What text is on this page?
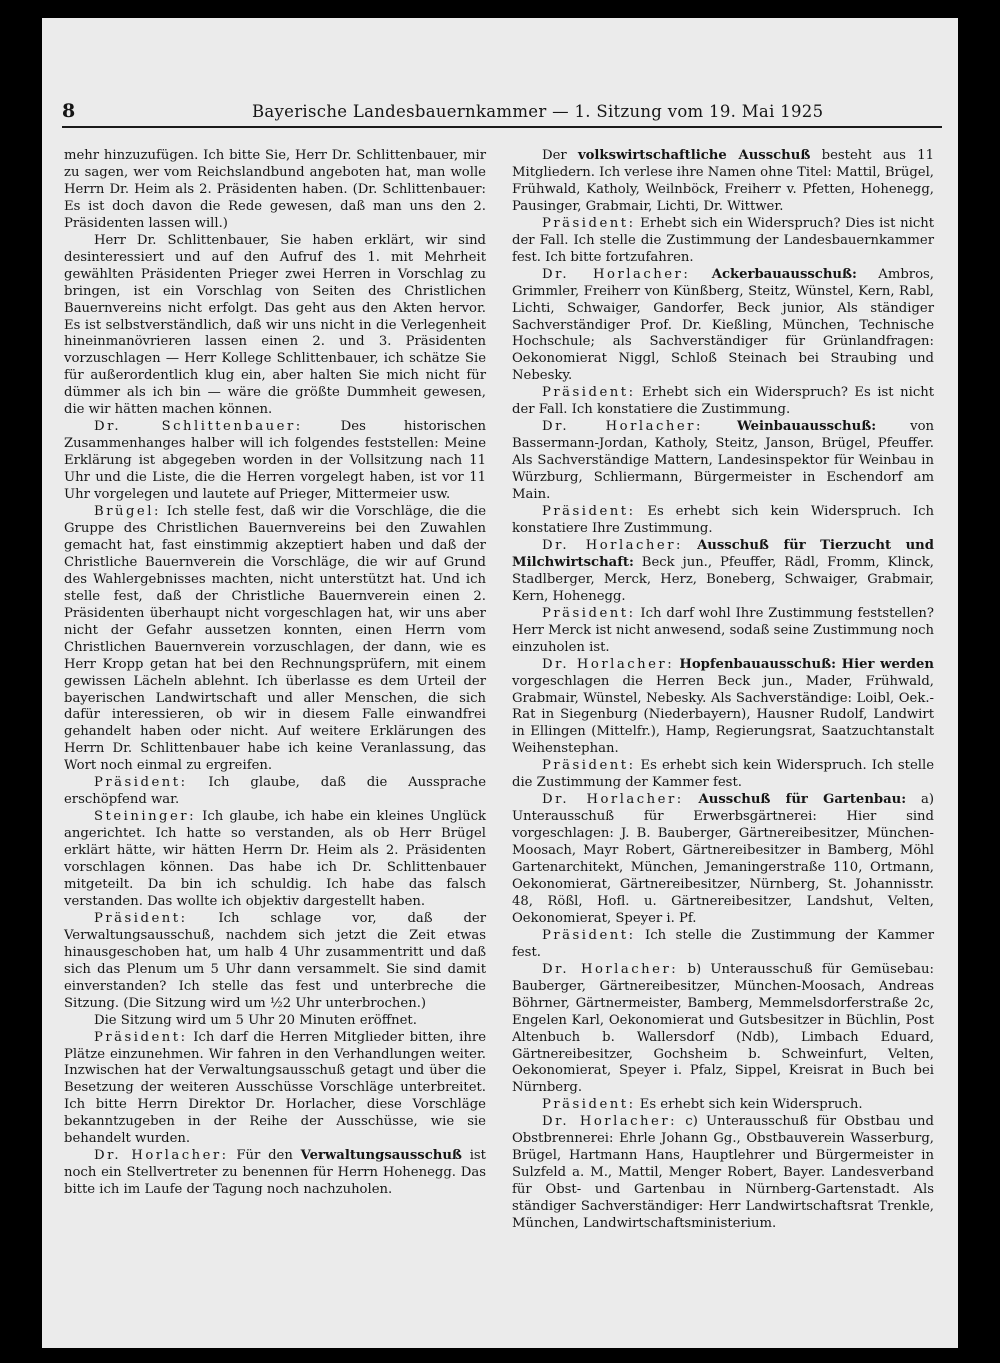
8	Bayerische Landesbauernkammer — 1. Sitzung vom 19. Mai 1925

mehr hinzuzufügen. Ich bitte Sie, Herr Dr. Schlittenbauer, mir zu sagen, wer vom Reichslandbund angeboten hat, man wolle Herrn Dr. Heim als 2. Präsidenten haben. (Dr. Schlittenbauer: Es ist doch davon die Rede gewesen, daß man uns den 2. Präsidenten lassen will.)

Herr Dr. Schlittenbauer, Sie haben erklärt, wir sind desinteressiert und auf den Aufruf des 1. mit Mehrheit gewählten Präsidenten Prieger zwei Herren in Vorschlag zu bringen, ist ein Vorschlag von Seiten des Christlichen Bauernvereins nicht erfolgt. Das geht aus den Akten hervor. Es ist selbstverständlich, daß wir uns nicht in die Verlegenheit hineinmanövrieren lassen einen 2. und 3. Präsidenten vorzuschlagen — Herr Kollege Schlittenbauer, ich schätze Sie für außerordentlich klug ein, aber halten Sie mich nicht für dümmer als ich bin — wäre die größte Dummheit gewesen, die wir hätten machen können.

Dr. Schlittenbauer: Des historischen Zusammenhanges halber will ich folgendes feststellen: Meine Erklärung ist abgegeben worden in der Vollsitzung nach 11 Uhr und die Liste, die die Herren vorgelegt haben, ist vor 11 Uhr vorgelegen und lautete auf Prieger, Mittermeier usw.

Brügel: Ich stelle fest, daß wir die Vorschläge, die die Gruppe des Christlichen Bauernvereins bei den Zuwahlen gemacht hat, fast einstimmig akzeptiert haben und daß der Christliche Bauernverein die Vorschläge, die wir auf Grund des Wahlergebnisses machten, nicht unterstützt hat. Und ich stelle fest, daß der Christliche Bauernverein einen 2. Präsidenten überhaupt nicht vorgeschlagen hat, wir uns aber nicht der Gefahr aussetzen konnten, einen Herrn vom Christlichen Bauernverein vorzuschlagen, der dann, wie es Herr Kropp getan hat bei den Rechnungsprüfern, mit einem gewissen Lächeln ablehnt. Ich überlasse es dem Urteil der bayerischen Landwirtschaft und aller Menschen, die sich dafür interessieren, ob wir in diesem Falle einwandfrei gehandelt haben oder nicht. Auf weitere Erklärungen des Herrn Dr. Schlittenbauer habe ich keine Veranlassung, das Wort noch einmal zu ergreifen.

Präsident: Ich glaube, daß die Aussprache erschöpfend war.

Steininger: Ich glaube, ich habe ein kleines Unglück angerichtet. Ich hatte so verstanden, als ob Herr Brügel erklärt hätte, wir hätten Herrn Dr. Heim als 2. Präsidenten vorschlagen können. Das habe ich Dr. Schlittenbauer mitgeteilt. Da bin ich schuldig. Ich habe das falsch verstanden. Das wollte ich objektiv dargestellt haben.

Präsident: Ich schlage vor, daß der Verwaltungsausschuß, nachdem sich jetzt die Zeit etwas hinausgeschoben hat, um halb 4 Uhr zusammentritt und daß sich das Plenum um 5 Uhr dann versammelt. Sie sind damit einverstanden? Ich stelle das fest und unterbreche die Sitzung. (Die Sitzung wird um ½2 Uhr unterbrochen.)

Die Sitzung wird um 5 Uhr 20 Minuten eröffnet.

Präsident: Ich darf die Herren Mitglieder bitten, ihre Plätze einzunehmen. Wir fahren in den Verhandlungen weiter. Inzwischen hat der Verwaltungsausschuß getagt und über die Besetzung der weiteren Ausschüsse Vorschläge unterbreitet. Ich bitte Herrn Direktor Dr. Horlacher, diese Vorschläge bekanntzugeben in der Reihe der Ausschüsse, wie sie behandelt wurden.

Dr. Horlacher: Für den Verwaltungsausschuß ist noch ein Stellvertreter zu benennen für Herrn Hohenegg. Das bitte ich im Laufe der Tagung noch nachzuholen.

Der volkswirtschaftliche Ausschuß besteht aus 11 Mitgliedern. Ich verlese ihre Namen ohne Titel: Mattil, Brügel, Frühwald, Katholy, Weilnböck, Freiherr v. Pfetten, Hohenegg, Pausinger, Grabmair, Lichti, Dr. Wittwer.

Präsident: Erhebt sich ein Widerspruch? Dies ist nicht der Fall. Ich stelle die Zustimmung der Landesbauernkammer fest. Ich bitte fortzufahren.

Dr. Horlacher: Ackerbauausschuß: Ambros, Grimmler, Freiherr von Künßberg, Steitz, Wünstel, Kern, Rabl, Lichti, Schwaiger, Gandorfer, Beck junior, Als ständiger Sachverständiger Prof. Dr. Kießling, München, Technische Hochschule; als Sachverständiger für Grünlandfragen: Oekonomierat Niggl, Schloß Steinach bei Straubing und Nebesky.

Präsident: Erhebt sich ein Widerspruch? Es ist nicht der Fall. Ich konstatiere die Zustimmung.

Dr. Horlacher:	Weinbauausschuß: von Bassermann-Jordan, Katholy, Steitz, Janson, Brügel, Pfeuffer. Als Sachverständige Mattern, Landesinspektor für Weinbau in Würzburg, Schliermann, Bürgermeister in Eschendorf am Main.

Präsident: Es erhebt sich kein Widerspruch. Ich konstatiere Ihre Zustimmung.

Dr. Horlacher: Ausschuß für Tierzucht und Milchwirtschaft: Beck jun., Pfeuffer, Rädl, Fromm, Klinck, Stadlberger, Merck, Herz, Boneberg, Schwaiger, Grabmair, Kern, Hohenegg.

Präsident: Ich darf wohl Ihre Zustimmung feststellen? Herr Merck ist nicht anwesend, sodaß seine Zustimmung noch einzuholen ist.

Dr. Horlacher: Hopfenbauausschuß: Hier werden vorgeschlagen die Herren Beck jun., Mader, Frühwald, Grabmair, Wünstel, Nebesky. Als Sachverständige: Loibl, Oek.-Rat in Siegenburg (Niederbayern), Hausner Rudolf, Landwirt in Ellingen (Mittelfr.), Hamp, Regierungsrat, Saatzuchtanstalt Weihenstephan.

Präsident: Es erhebt sich kein Widerspruch. Ich stelle die Zustimmung der Kammer fest.

Dr. Horlacher: Ausschuß für Gartenbau: a) Unterausschuß für Erwerbsgärtnerei: Hier sind vorgeschlagen: J. B. Bauberger, Gärtnereibesitzer, München-Moosach, Mayr Robert, Gärtnereibesitzer in Bamberg, Möhl Gartenarchitekt, München, Jemaningerstraße 110, Ortmann, Oekonomierat, Gärtnereibesitzer, Nürnberg, St. Johannisstr. 48, Rößl, Hofl. u. Gärtnereibesitzer, Landshut, Velten, Oekonomierat, Speyer i. Pf.

Präsident: Ich stelle die Zustimmung der Kammer fest.

Dr. Horlacher: b) Unterausschuß für Gemüsebau: Bauberger, Gärtnereibesitzer, München-Moosach, Andreas Böhrner, Gärtnermeister, Bamberg, Memmelsdorferstraße 2c, Engelen Karl, Oekonomierat und Gutsbesitzer in Büchlin, Post Altenbuch b. Wallersdorf (Ndb), Limbach Eduard, Gärtnereibesitzer, Gochsheim b. Schweinfurt, Velten, Oekonomierat, Speyer i. Pfalz, Sippel, Kreisrat in Buch bei Nürnberg.

Präsident: Es erhebt sich kein Widerspruch.

Dr. Horlacher: c) Unterausschuß für Obstbau und Obstbrennerei: Ehrle Johann Gg., Obstbauverein Wasserburg, Brügel, Hartmann Hans, Hauptlehrer und Bürgermeister in Sulzfeld a. M., Mattil, Menger Robert, Bayer. Landesverband für Obst- und Gartenbau in Nürnberg-Gartenstadt. Als ständiger Sachverständiger: Herr Landwirtschaftsrat Trenkle, München, Landwirtschaftsministerium.
